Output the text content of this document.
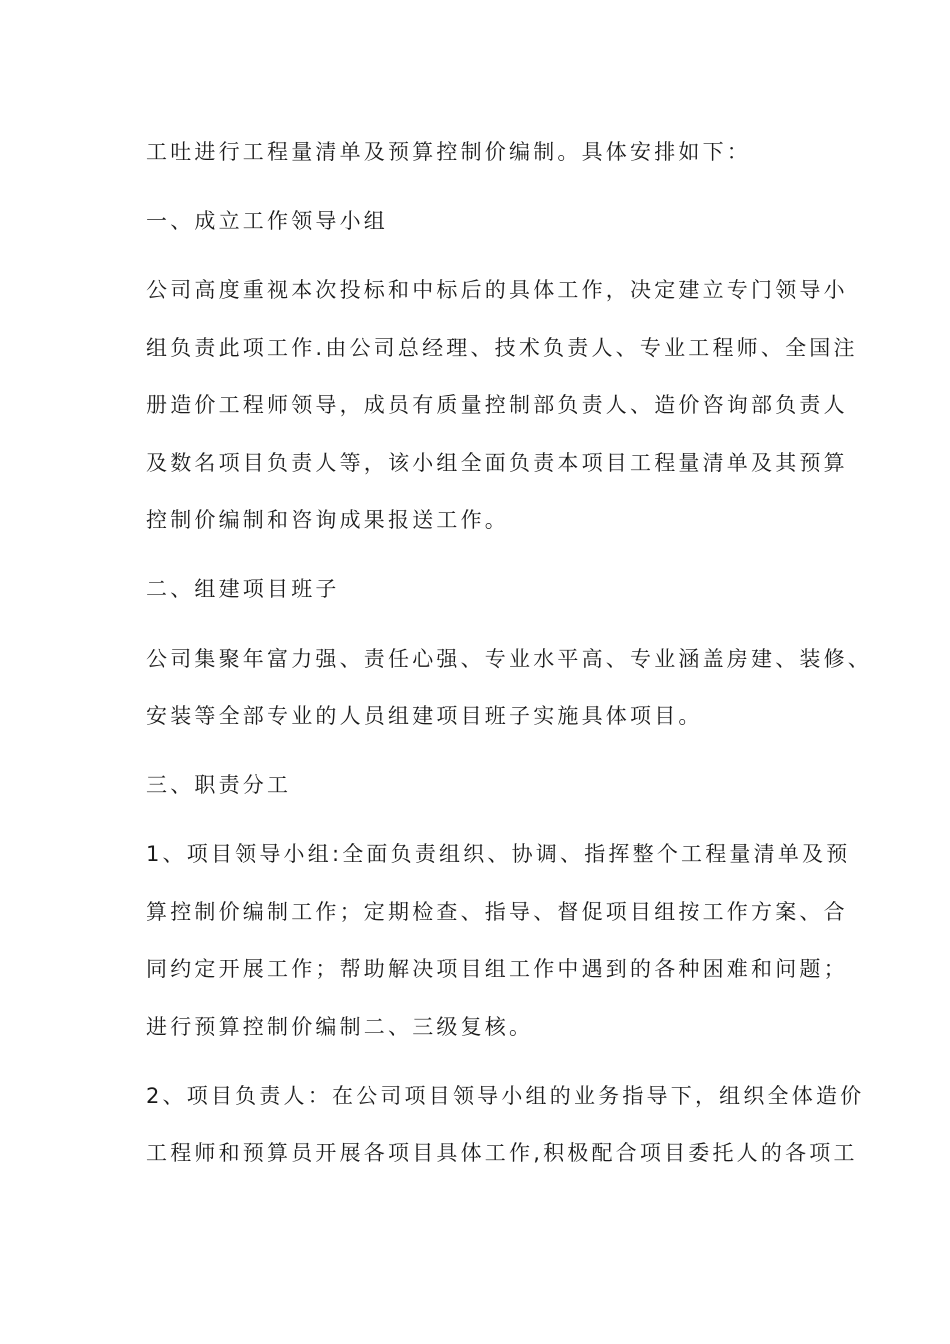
工吐进行工程量清单及预算控制价编制。具体安排如下：
一、成立工作领导小组
公司高度重视本次投标和中标后的具体工作，决定建立专门领导小
组负责此项工作.由公司总经理、技术负责人、专业工程师、全国注
册造价工程师领导，成员有质量控制部负责人、造价咨询部负责人
及数名项目负责人等，该小组全面负责本项目工程量清单及其预算
控制价编制和咨询成果报送工作。
二、组建项目班子
公司集聚年富力强、责任心强、专业水平高、专业涵盖房建、装修、
安装等全部专业的人员组建项目班子实施具体项目。
三、职责分工
1、项目领导小组:全面负责组织、协调、指挥整个工程量清单及预
算控制价编制工作；定期检查、指导、督促项目组按工作方案、合
同约定开展工作；帮助解决项目组工作中遇到的各种困难和问题；
进行预算控制价编制二、三级复核。
2、项目负责人：在公司项目领导小组的业务指导下，组织全体造价
工程师和预算员开展各项目具体工作,积极配合项目委托人的各项工
